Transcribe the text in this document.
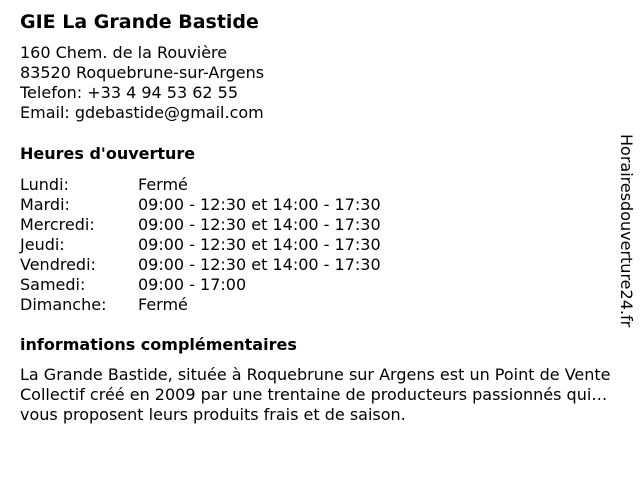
GIE La Grande Bastide
160 Chem. de la Rouvière
83520 Roquebrune-sur-Argens
Telefon: +33 4 94 53 62 55
Email: gdebastide@gmail.com
Heures d'ouverture
Lundi:	Fermé
Mardi:	09:00 - 12:30 et 14:00 - 17:30
Mercredi:	09:00 - 12:30 et 14:00 - 17:30
Jeudi:	09:00 - 12:30 et 14:00 - 17:30
Vendredi:	09:00 - 12:30 et 14:00 - 17:30
Samedi:	09:00 - 17:00
Dimanche:	Fermé
informations complémentaires
La Grande Bastide, située à Roquebrune sur Argens est un Point de Vente Collectif créé en 2009 par une trentaine de producteurs passionnés qui vous proposent leurs produits frais et de saison.
Horairesdouverture24.fr
